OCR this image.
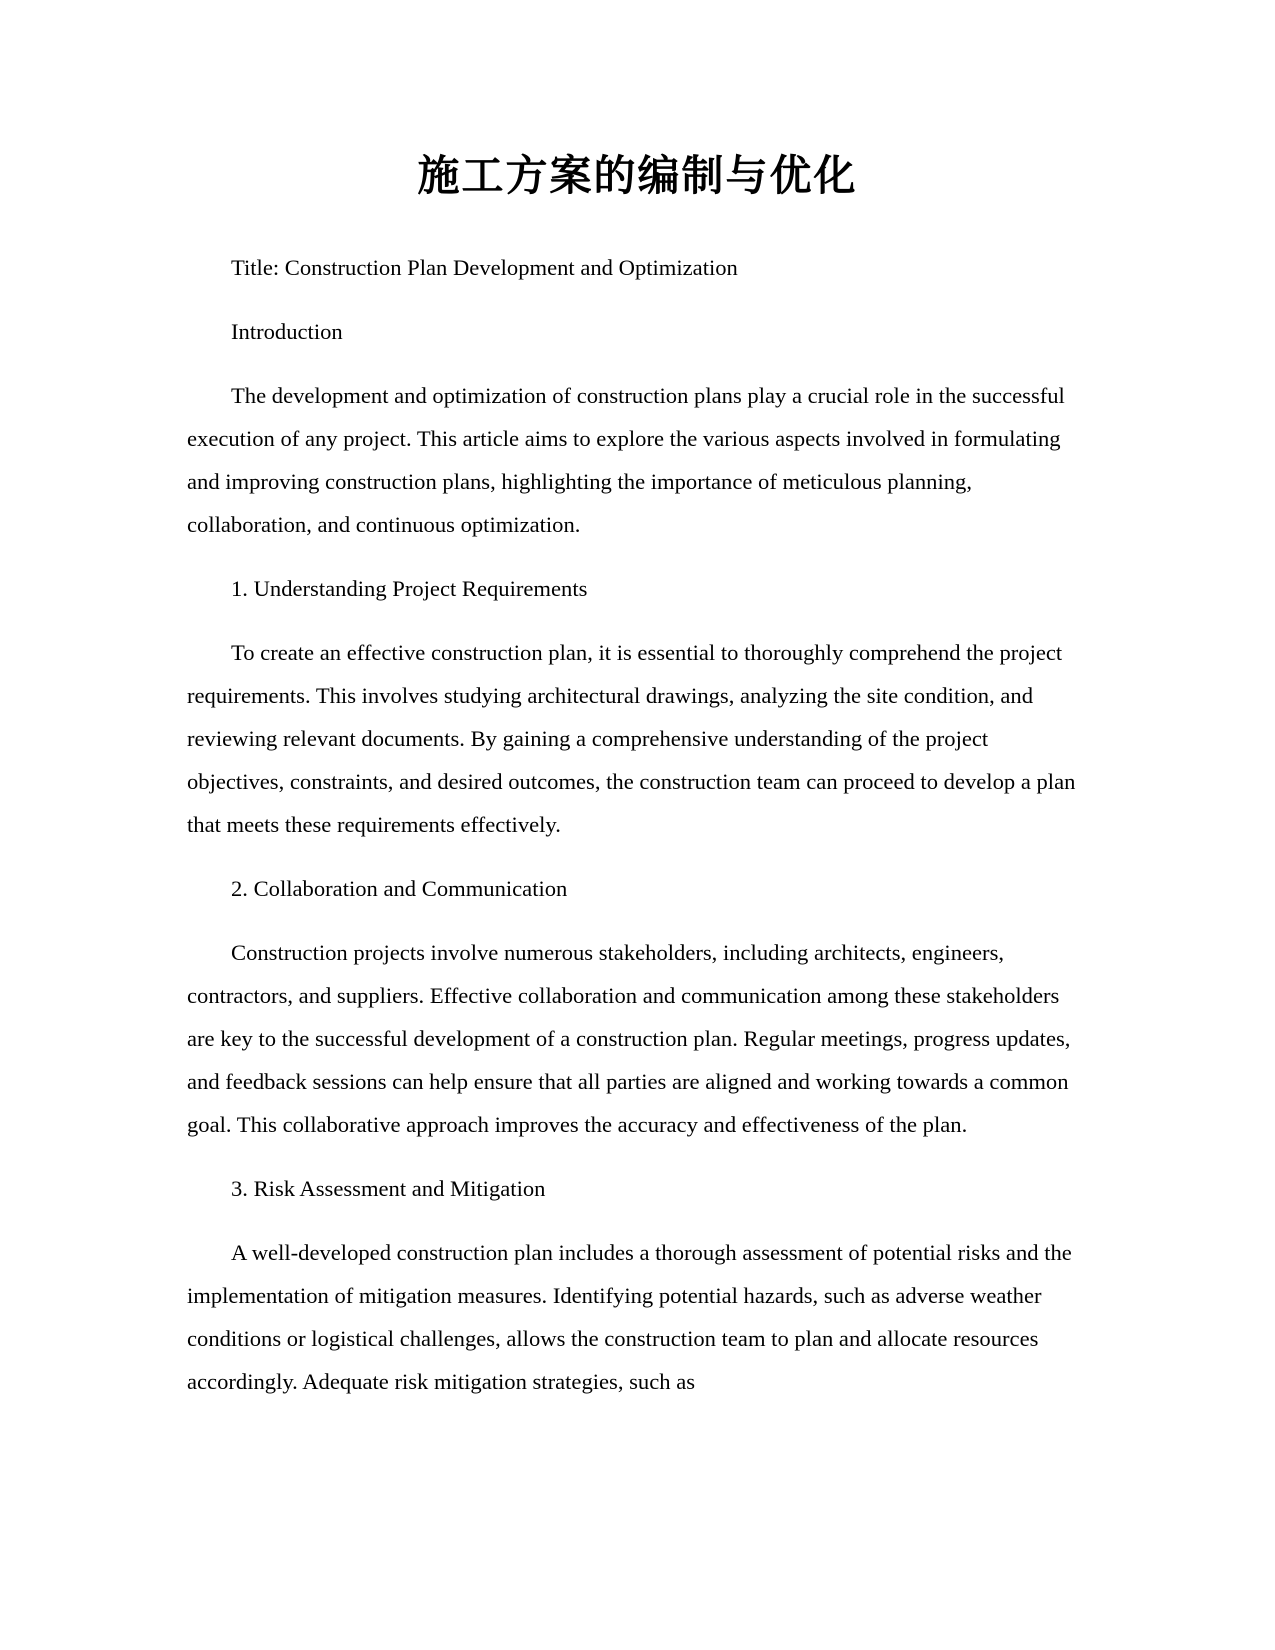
施工方案的编制与优化

Title: Construction Plan Development and Optimization

Introduction

The development and optimization of construction plans play a crucial role in the successful execution of any project. This article aims to explore the various aspects involved in formulating and improving construction plans, highlighting the importance of meticulous planning, collaboration, and continuous optimization.

1. Understanding Project Requirements

To create an effective construction plan, it is essential to thoroughly comprehend the project requirements. This involves studying architectural drawings, analyzing the site condition, and reviewing relevant documents. By gaining a comprehensive understanding of the project objectives, constraints, and desired outcomes, the construction team can proceed to develop a plan that meets these requirements effectively.

2. Collaboration and Communication

Construction projects involve numerous stakeholders, including architects, engineers, contractors, and suppliers. Effective collaboration and communication among these stakeholders are key to the successful development of a construction plan. Regular meetings, progress updates, and feedback sessions can help ensure that all parties are aligned and working towards a common goal. This collaborative approach improves the accuracy and effectiveness of the plan.

3. Risk Assessment and Mitigation

A well-developed construction plan includes a thorough assessment of potential risks and the implementation of mitigation measures. Identifying potential hazards, such as adverse weather conditions or logistical challenges, allows the construction team to plan and allocate resources accordingly. Adequate risk mitigation strategies, such as
